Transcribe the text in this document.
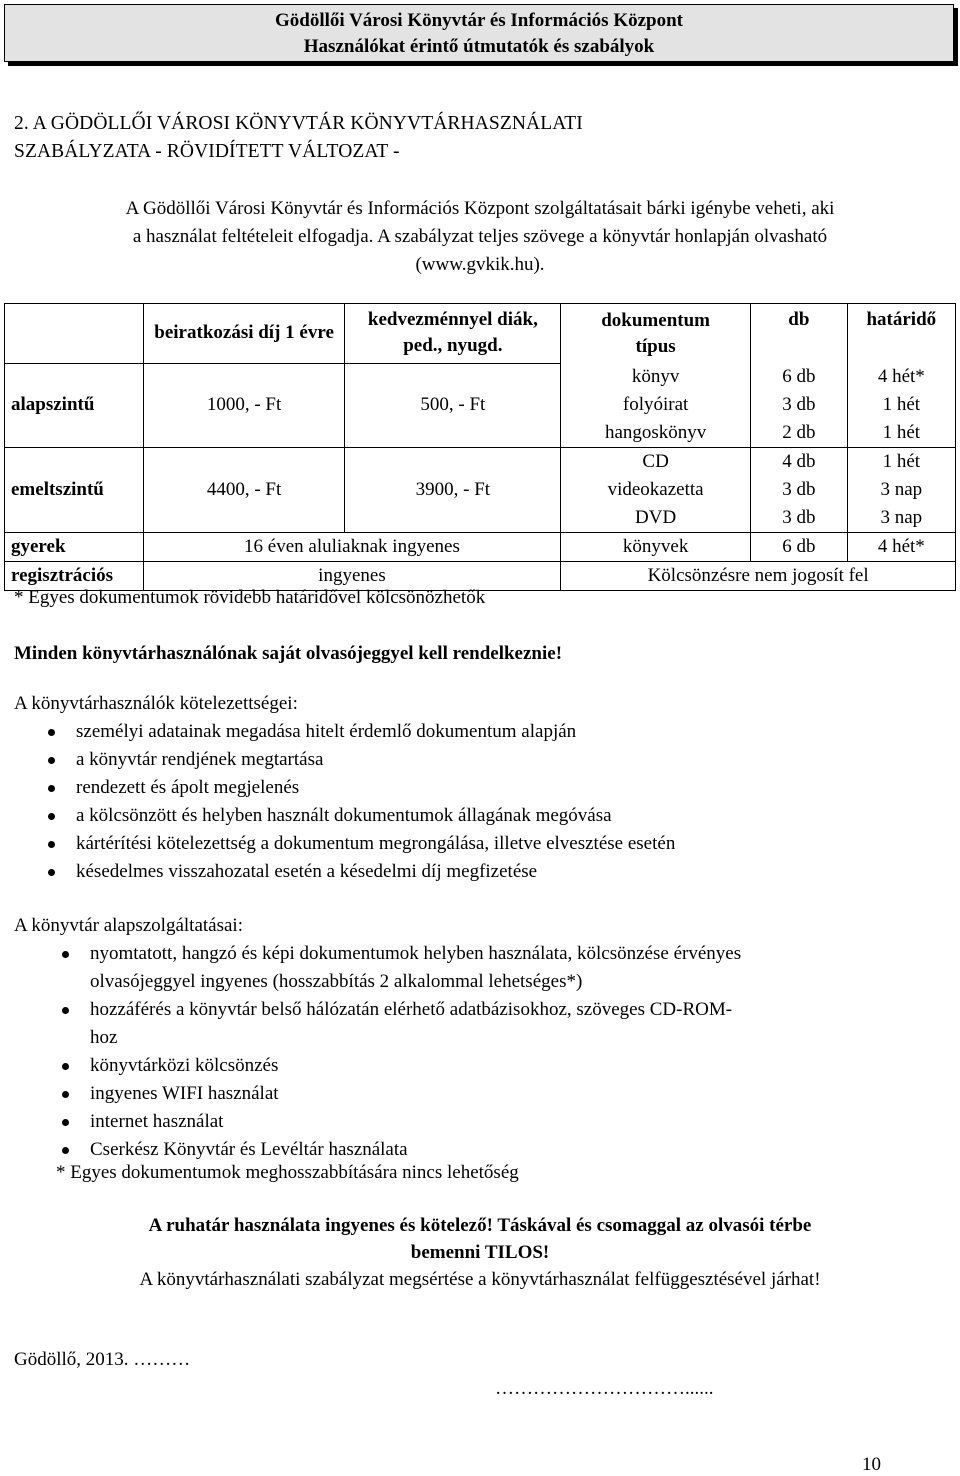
Gödöllői Városi Könyvtár és Információs Központ
Használókat érintő útmutatók és szabályok
2. A GÖDÖLLŐI VÁROSI KÖNYVTÁR KÖNYVTÁRHASZNÁLATI
SZABÁLYZATA - RÖVIDÍTETT VÁLTOZAT -
A Gödöllői Városi Könyvtár és Információs Központ szolgáltatásait bárki igénybe veheti, aki
a használat feltételeit elfogadja. A szabályzat teljes szövege a könyvtár honlapján olvasható
(www.gvkik.hu).
	beiratkozási díj 1 évre	kedvezménnyel diák, ped., nyugd.	dokumentum típus	db	határidő
alapszintű	1000, - Ft	500, - Ft	könyv	6 db	4 hét*
			folyóirat	3 db	1 hét
			hangoskönyv	2 db	1 hét
emeltszintű	4400, - Ft	3900, - Ft	CD	4 db	1 hét
			videokazetta	3 db	3 nap
			DVD	3 db	3 nap
gyerek	16 éven aluliaknak ingyenes		könyvek	6 db	4 hét*
regisztrációs	ingyenes		Kölcsönzésre nem jogosít fel		
* Egyes dokumentumok rövidebb határidővel kölcsönözhetők
Minden könyvtárhasználónak saját olvasójeggyel kell rendelkeznie!
A könyvtárhasználók kötelezettségei:
személyi adatainak megadása hitelt érdemlő dokumentum alapján
a könyvtár rendjének megtartása
rendezett és ápolt megjelenés
a kölcsönzött és helyben használt dokumentumok állagának megóvása
kártérítési kötelezettség a dokumentum megrongálása, illetve elvesztése esetén
késedelmes visszahozatal esetén a késedelmi díj megfizetése
A könyvtár alapszolgáltatásai:
nyomtatott, hangzó és képi dokumentumok helyben használata, kölcsönzése érvényes
olvasójeggyel ingyenes (hosszabbítás 2 alkalommal lehetséges*)
hozzáférés a könyvtár belső hálózatán elérhető adatbázisokhoz, szöveges CD-ROM-
hoz
könyvtárközi kölcsönzés
ingyenes WIFI használat
internet használat
Cserkész Könyvtár és Levéltár használata
* Egyes dokumentumok meghosszabbítására nincs lehetőség
A ruhatár használata ingyenes és kötelező! Táskával és csomaggal az olvasói térbe
bemenni TILOS!
A könyvtárhasználati szabályzat megsértése a könyvtárhasználat felfüggesztésével járhat!
Gödöllő, 2013. ………
…………………………......
10
